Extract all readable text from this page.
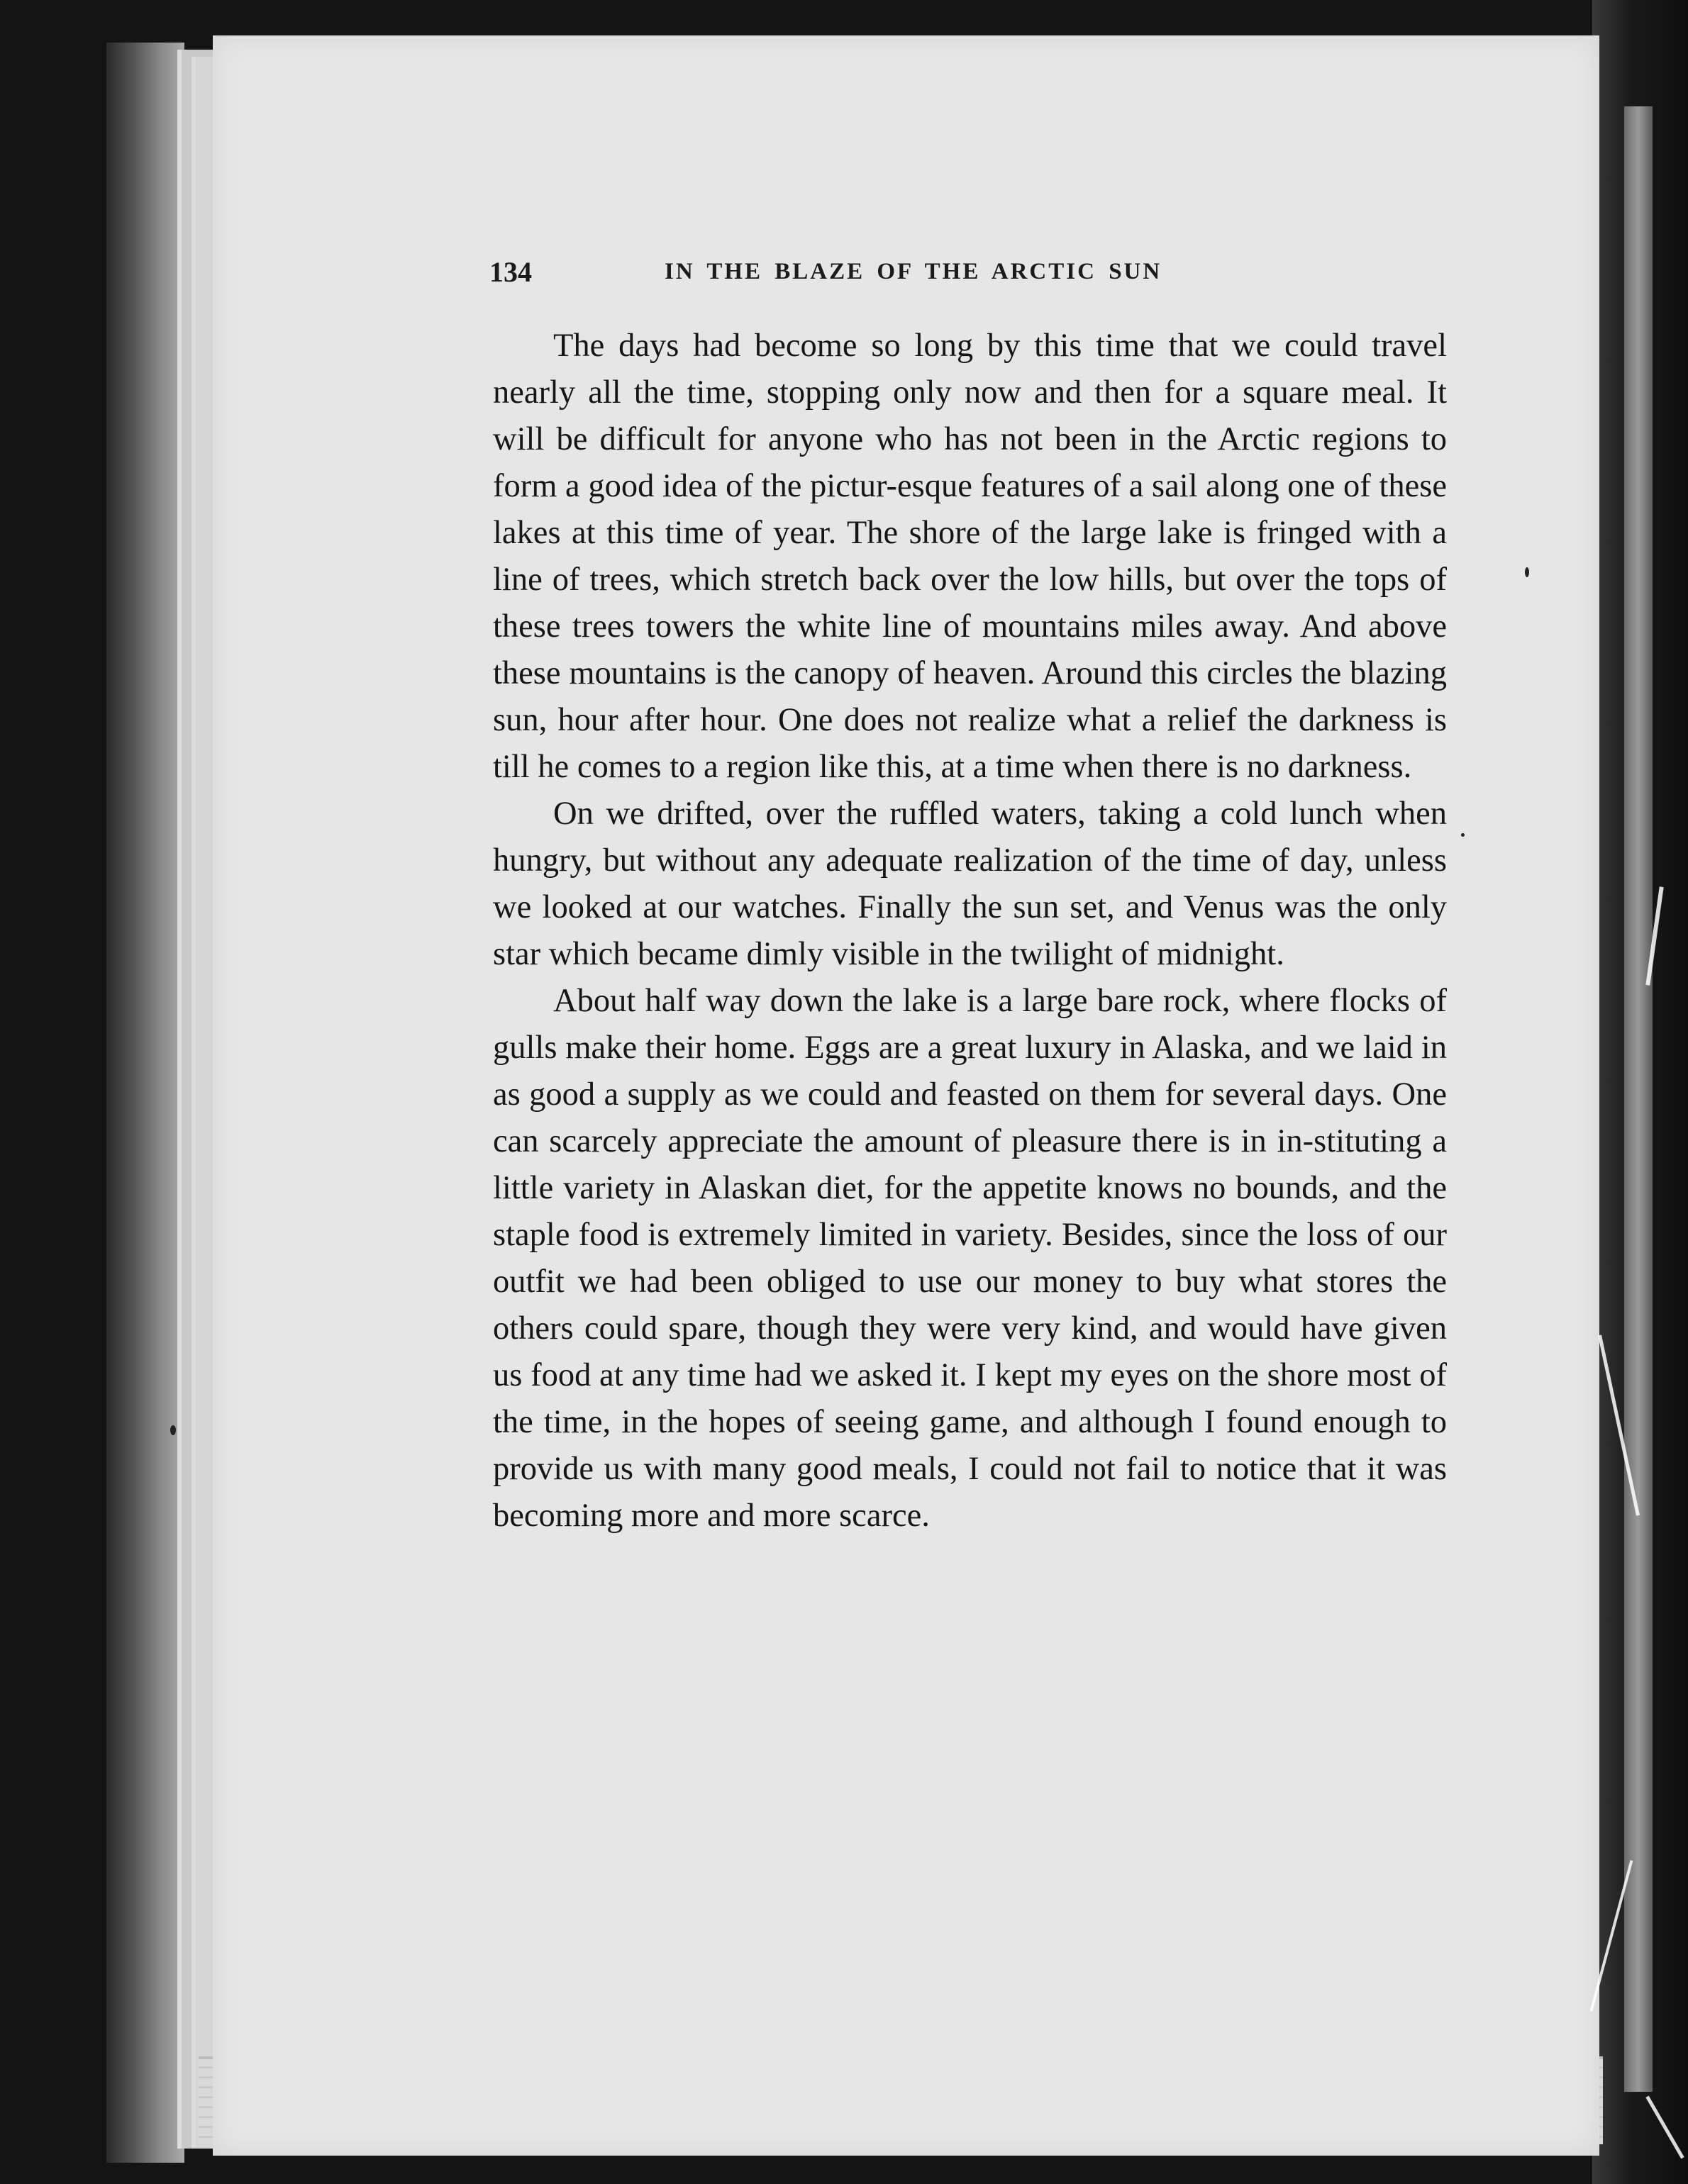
134	IN THE BLAZE OF THE ARCTIC SUN

The days had become so long by this time that we could travel nearly all the time, stopping only now and then for a square meal. It will be difficult for anyone who has not been in the Arctic regions to form a good idea of the pictur-esque features of a sail along one of these lakes at this time of year. The shore of the large lake is fringed with a line of trees, which stretch back over the low hills, but over the tops of these trees towers the white line of mountains miles away. And above these mountains is the canopy of heaven. Around this circles the blazing sun, hour after hour. One does not realize what a relief the darkness is till he comes to a region like this, at a time when there is no darkness.

On we drifted, over the ruffled waters, taking a cold lunch when hungry, but without any adequate realization of the time of day, unless we looked at our watches. Finally the sun set, and Venus was the only star which became dimly visible in the twilight of midnight.

About half way down the lake is a large bare rock, where flocks of gulls make their home. Eggs are a great luxury in Alaska, and we laid in as good a supply as we could and feasted on them for several days. One can scarcely appreciate the amount of pleasure there is in in-stituting a little variety in Alaskan diet, for the appetite knows no bounds, and the staple food is extremely limited in variety. Besides, since the loss of our outfit we had been obliged to use our money to buy what stores the others could spare, though they were very kind, and would have given us food at any time had we asked it. I kept my eyes on the shore most of the time, in the hopes of seeing game, and although I found enough to provide us with many good meals, I could not fail to notice that it was becoming more and more scarce.
